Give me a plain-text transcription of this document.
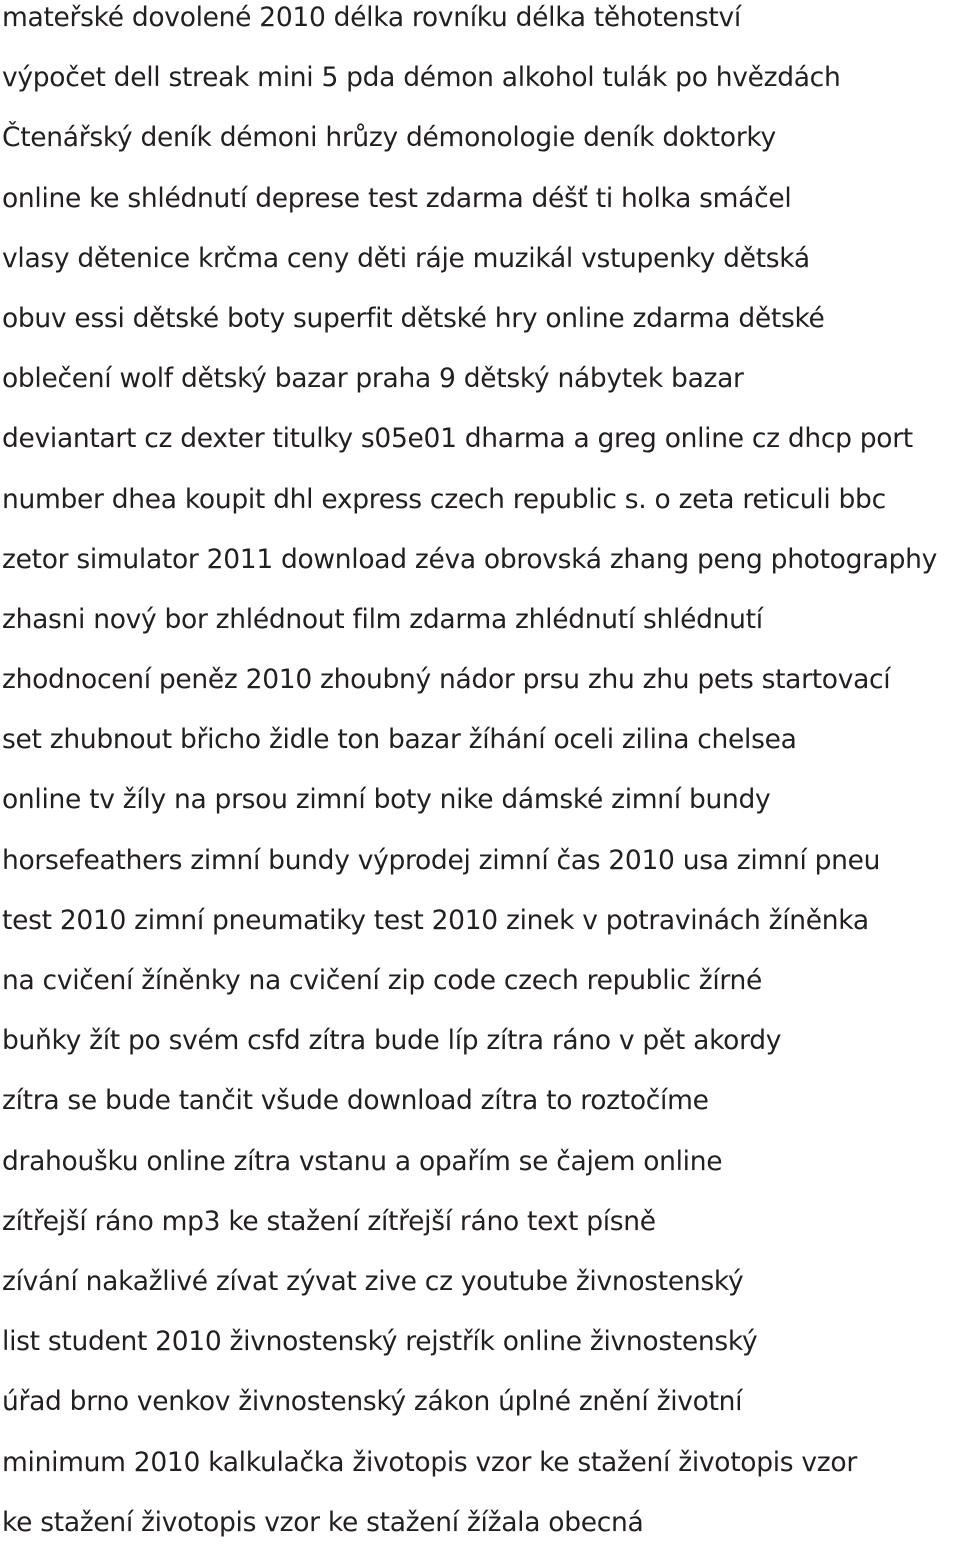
mateřské dovolené 2010 délka rovníku délka těhotenství
výpočet dell streak mini 5 pda démon alkohol tulák po hvězdách
Čtenářský deník démoni hrůzy démonologie deník doktorky
online ke shlédnutí deprese test zdarma déšť ti holka smáčel
vlasy dětenice krčma ceny děti ráje muzikál vstupenky dětská
obuv essi dětské boty superfit dětské hry online zdarma dětské
oblečení wolf dětský bazar praha 9 dětský nábytek bazar
deviantart cz dexter titulky s05e01 dharma a greg online cz dhcp port
number dhea koupit dhl express czech republic s. o zeta reticuli bbc
zetor simulator 2011 download zéva obrovská zhang peng photography
zhasni nový bor zhlédnout film zdarma zhlédnutí shlédnutí
zhodnocení peněz 2010 zhoubný nádor prsu zhu zhu pets startovací
set zhubnout břicho židle ton bazar žíhání oceli zilina chelsea
online tv žíly na prsou zimní boty nike dámské zimní bundy
horsefeathers zimní bundy výprodej zimní čas 2010 usa zimní pneu
test 2010 zimní pneumatiky test 2010 zinek v potravinách žíněnka
na cvičení žíněnky na cvičení zip code czech republic žírné
buňky žít po svém csfd zítra bude líp zítra ráno v pět akordy
zítra se bude tančit všude download zítra to roztočíme
drahoušku online zítra vstanu a opařím se čajem online
zítřejší ráno mp3 ke stažení zítřejší ráno text písně
zívání nakažlivé zívat zývat zive cz youtube živnostenský
list student 2010 živnostenský rejstřík online živnostenský
úřad brno venkov živnostenský zákon úplné znění životní
minimum 2010 kalkulačka životopis vzor ke stažení životopis vzor
ke stažení životopis vzor ke stažení žížala obecná
